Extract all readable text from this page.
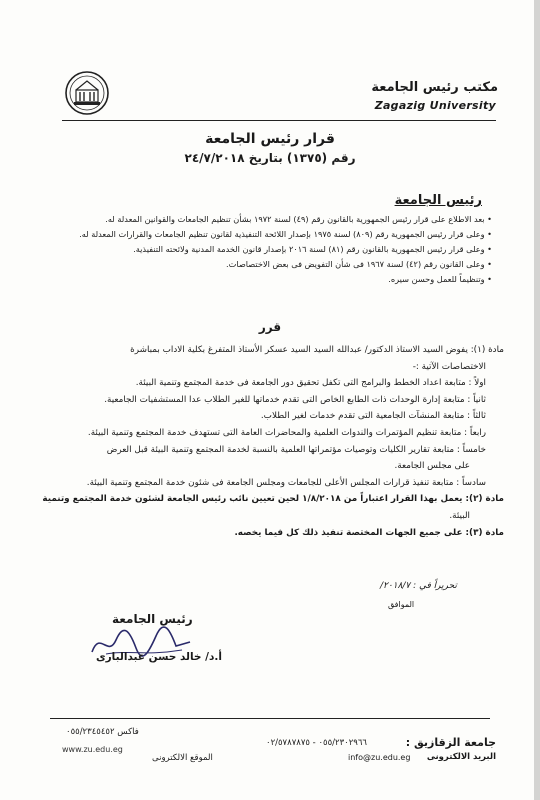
مكتب رئيس الجامعة
Zagazig University
قرار رئيس الجامعة
رقم (١٣٧٥) بتاريخ ٢٤/٧/٢٠١٨
رئيس الجامعة
• بعد الاطلاع على قرار رئيس الجمهورية بالقانون رقم (٤٩) لسنة ١٩٧٢ بشأن تنظيم الجامعات والقوانين المعدلة له.
• وعلى قرار رئيس الجمهورية رقم (٨٠٩) لسنة ١٩٧٥ بإصدار اللائحة التنفيذية لقانون تنظيم الجامعات والقرارات المعدلة له.
• وعلى قرار رئيس الجمهورية بالقانون رقم (٨١) لسنة ٢٠١٦ بإصدار قانون الخدمة المدنية ولائحته التنفيذية.
• وعلى القانون رقم (٤٢) لسنة ١٩٦٧ فى شأن التفويض فى بعض الاختصاصات.
• وتنظيماً للعمل وحسن سيره.
قرر
مادة (١): يفوض السيد الاستاذ الدكتور/ عبدالله السيد السيد عسكر الأستاذ المتفرغ بكلية الاداب بمباشرة
الاختصاصات الآتية :-
اولاً : متابعة اعداد الخطط والبرامج التى تكفل تحقيق دور الجامعة فى خدمة المجتمع وتنمية البيئة.
ثانياً : متابعة إدارة الوحدات ذات الطابع الخاص التى تقدم خدماتها للغير الطلاب عدا المستشفيات الجامعية.
ثالثاً : متابعة المنشآت الجامعية التى تقدم خدمات لغير الطلاب.
رابعاً : متابعة تنظيم المؤتمرات والندوات العلمية والمحاضرات العامة التى تستهدف خدمة المجتمع وتنمية البيئة.
خامساً : متابعة تقارير الكليات وتوصيات مؤتمراتها العلمية بالنسبة لخدمة المجتمع وتنمية البيئة قبل العرض
على مجلس الجامعة.
سادساً : متابعة تنفيذ قرارات المجلس الأعلى للجامعات ومجلس الجامعة فى شئون خدمة المجتمع وتنمية البيئة.
مادة (٢): يعمل بهذا القرار اعتباراً من ١/٨/٢٠١٨ لحين تعيين نائب رئيس الجامعة لشئون خدمة المجتمع وتنمية
البيئة.
مادة (٣): على جميع الجهات المختصة تنفيذ ذلك كل فيما يخصه.
تحريراً في : ٢٠١٨/٧/
الموافق
رئيس الجامعة
أ.د/ خالد حسن عبدالبارى
جامعة الزقازيق :
٠٥٥/٢٣٠٢٩٦٦ - ٠٢/٥٧٨٧٨٧٥
فاكس ٠٥٥/٢٣٤٥٤٥٢
البريد الالكترونى
info@zu.edu.eg
الموقع الالكترونى
www.zu.edu.eg
